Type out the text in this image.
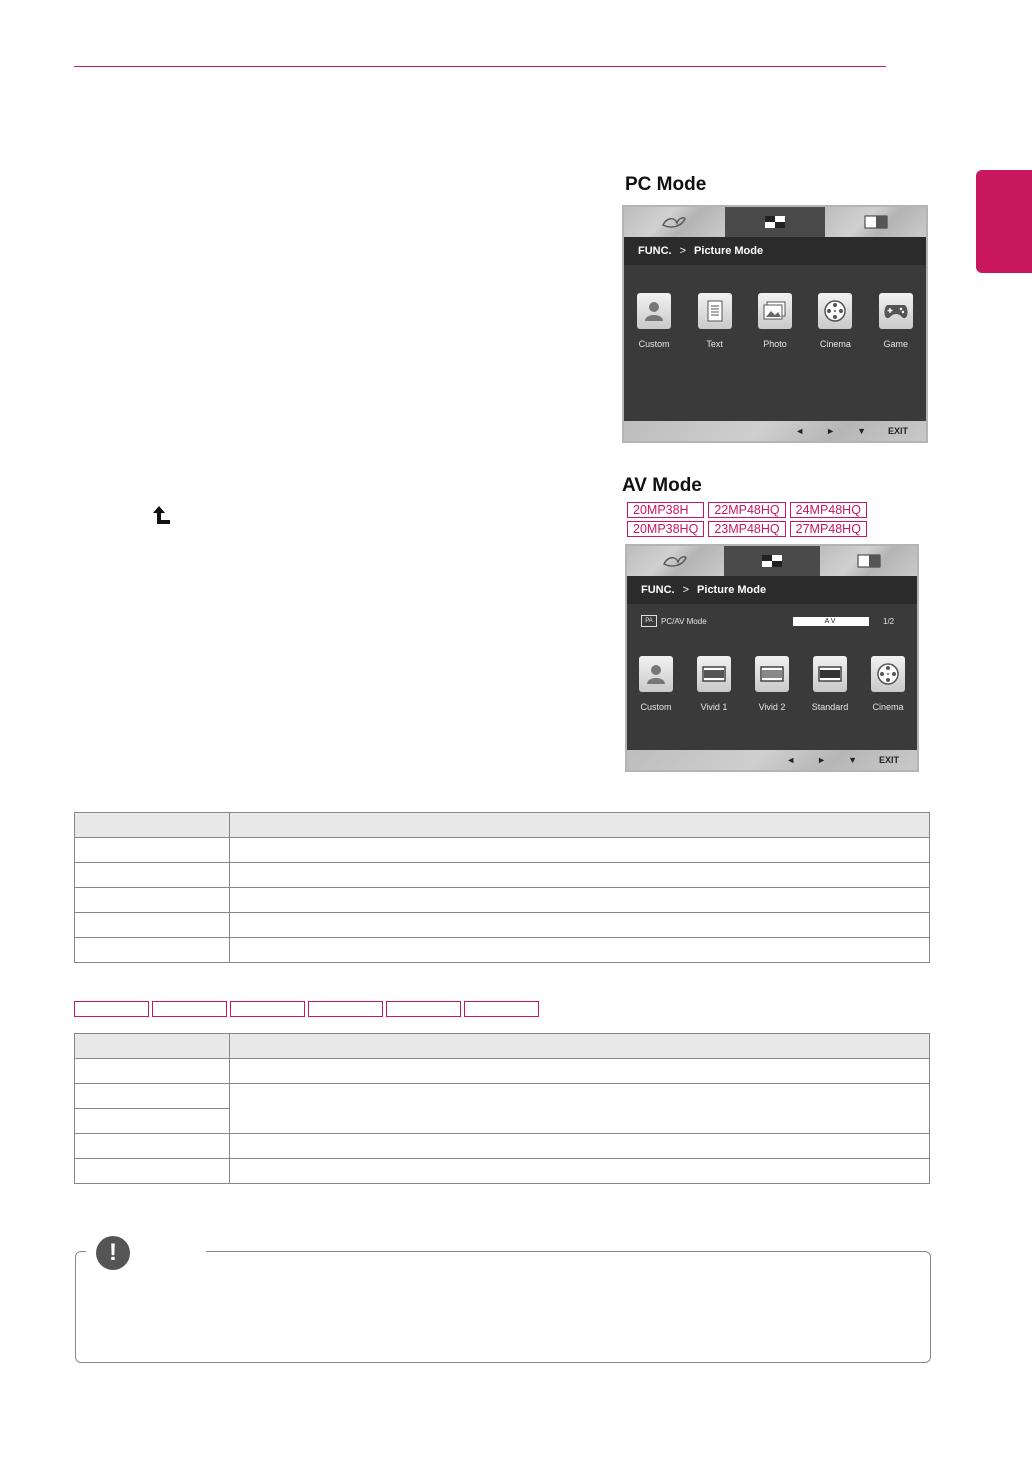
PC Mode
FUNC. > Picture Mode
Custom	Text	Photo	Cinema	Game
◄ ► ▼ EXIT
AV Mode
20MP38H	22MP48HQ	24MP48HQ
20MP38HQ	23MP48HQ	27MP48HQ
FUNC. > Picture Mode
PA	PC/AV Mode	AV	1/2
Custom	Vivid 1	Vivid 2	Standard	Cinema
◄ ► ▼ EXIT

!
